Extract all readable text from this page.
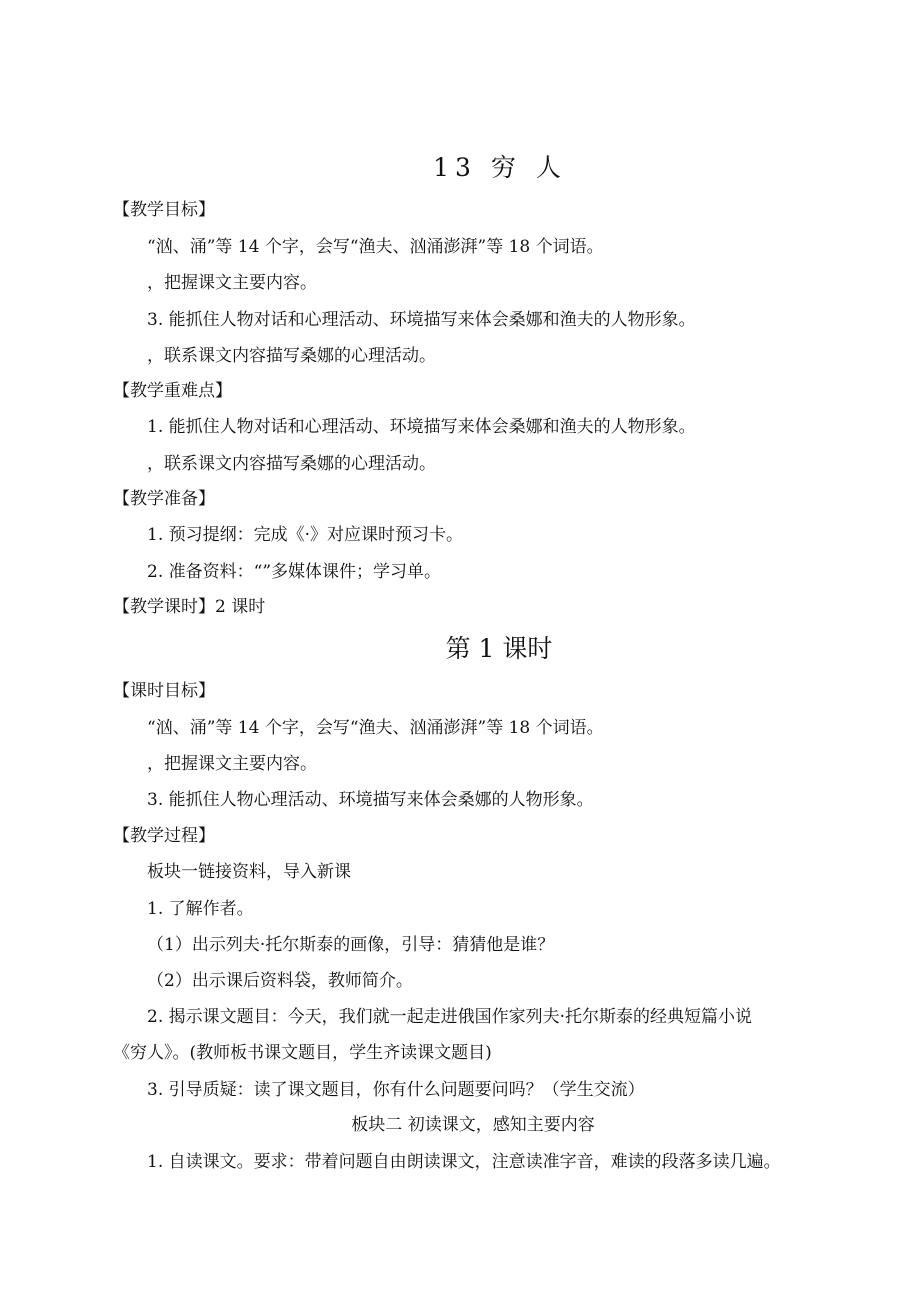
13 穷 人
【教学目标】
“汹、涌”等 14 个字，会写“渔夫、汹涌澎湃”等 18 个词语。
，把握课文主要内容。
3. 能抓住人物对话和心理活动、环境描写来体会桑娜和渔夫的人物形象。
，联系课文内容描写桑娜的心理活动。
【教学重难点】
1. 能抓住人物对话和心理活动、环境描写来体会桑娜和渔夫的人物形象。
，联系课文内容描写桑娜的心理活动。
【教学准备】
1. 预习提纲：完成《·》对应课时预习卡。
2. 准备资料：“”多媒体课件；学习单。
【教学课时】2 课时
第 1 课时
【课时目标】
“汹、涌”等 14 个字，会写“渔夫、汹涌澎湃”等 18 个词语。
，把握课文主要内容。
3. 能抓住人物心理活动、环境描写来体会桑娜的人物形象。
【教学过程】
板块一链接资料，导入新课
1. 了解作者。
（1）出示列夫·托尔斯泰的画像，引导：猜猜他是谁？
（2）出示课后资料袋，教师简介。
2. 揭示课文题目：今天，我们就一起走进俄国作家列夫·托尔斯泰的经典短篇小说
《穷人》。(教师板书课文题目，学生齐读课文题目)
3. 引导质疑：读了课文题目，你有什么问题要问吗？（学生交流）
板块二 初读课文，感知主要内容
1. 自读课文。要求：带着问题自由朗读课文，注意读准字音，难读的段落多读几遍。
